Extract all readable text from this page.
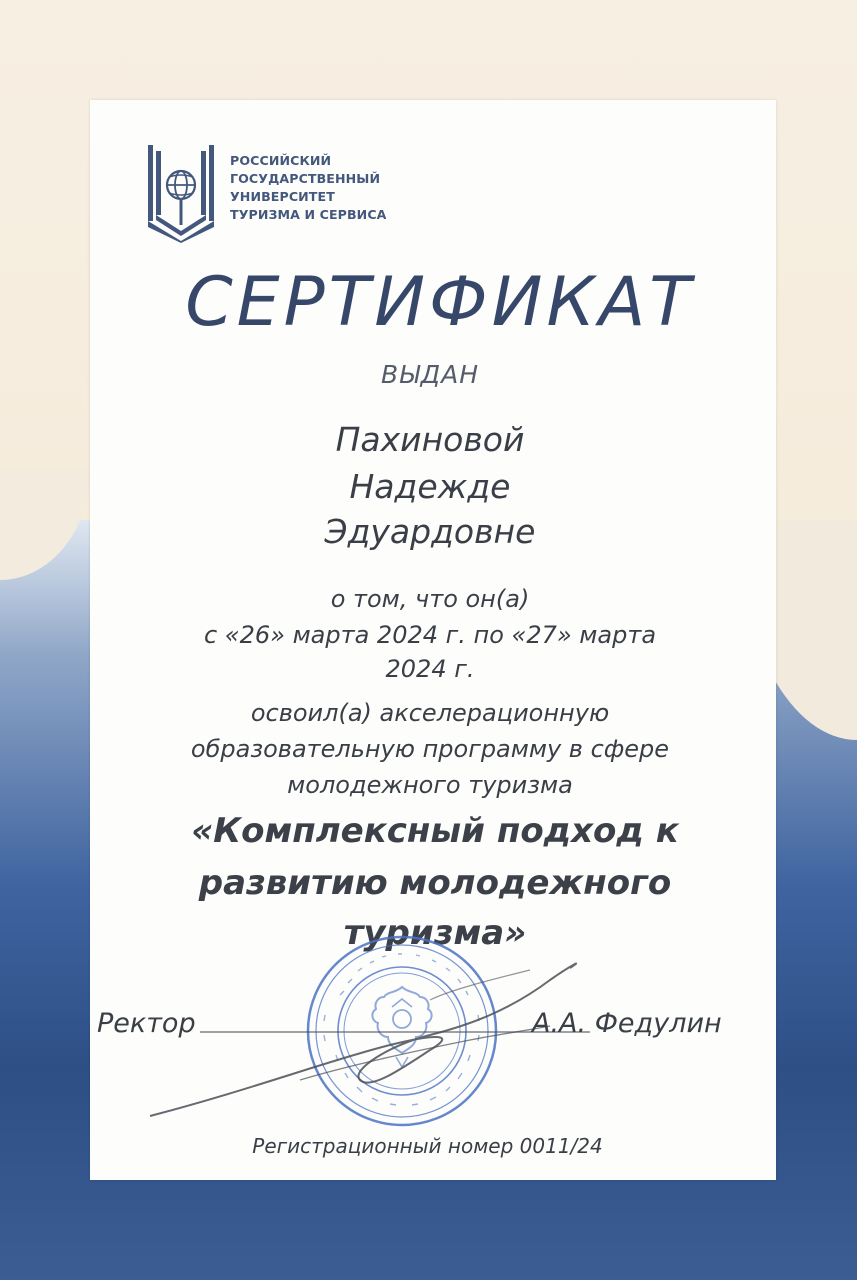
РОССИЙСКИЙ
ГОСУДАРСТВЕННЫЙ
УНИВЕРСИТЕТ
ТУРИЗМА И СЕРВИСА
СЕРТИФИКАТ
ВЫДАН
Пахиновой
Надежде
Эдуардовне
о том, что он(а)
с «26» марта 2024 г. по «27» марта
2024 г.
освоил(а) акселерационную
образовательную программу в сфере
молодежного туризма
«Комплексный подход к
развитию молодежного
туризма»
Ректор	А.А. Федулин
Регистрационный номер 0011/24
